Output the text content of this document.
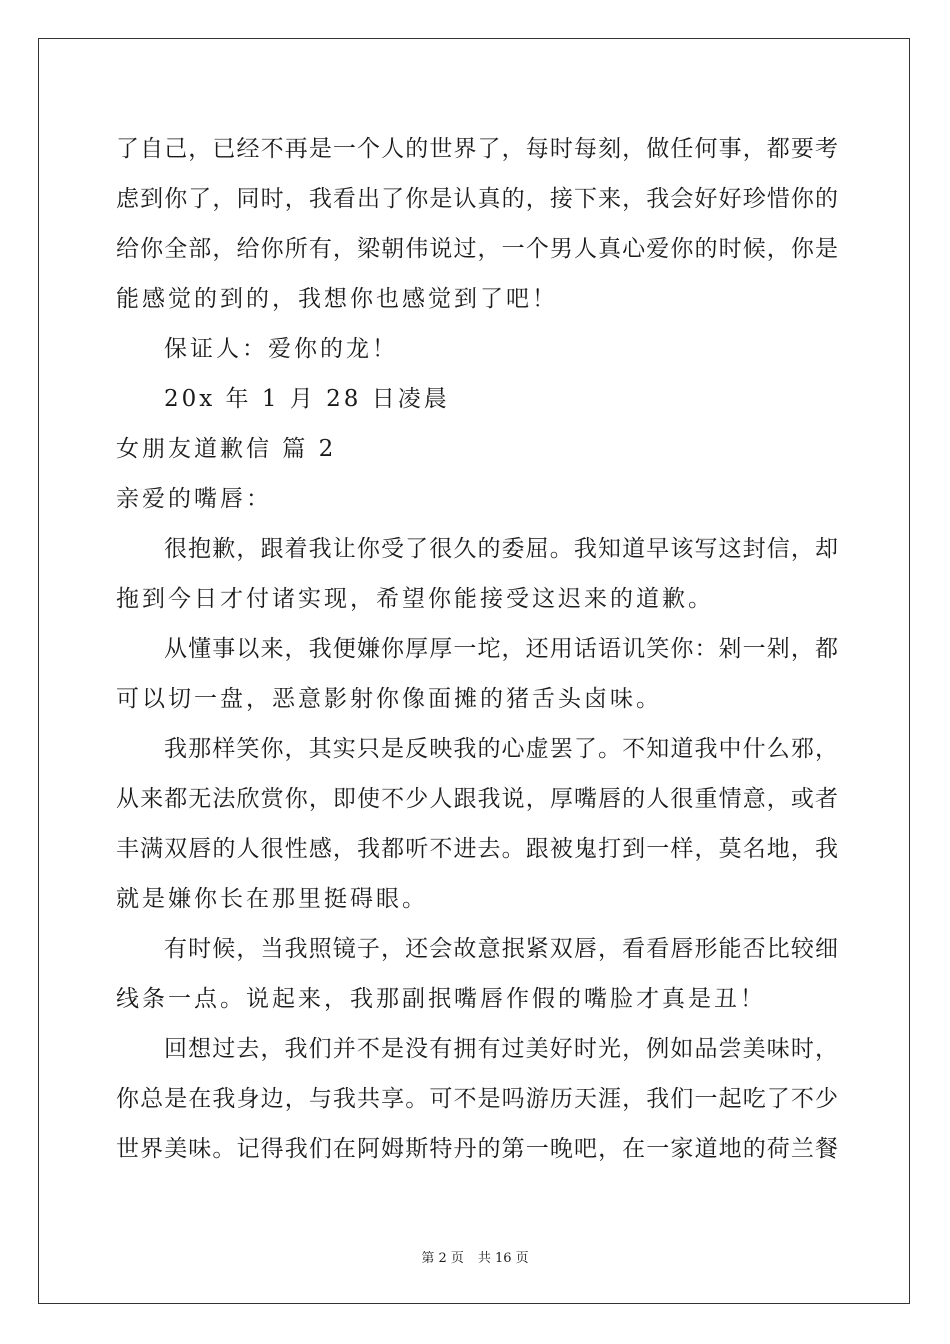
了自己，已经不再是一个人的世界了，每时每刻，做任何事，都要考
虑到你了，同时，我看出了你是认真的，接下来，我会好好珍惜你的
给你全部，给你所有，梁朝伟说过，一个男人真心爱你的时候，你是
能感觉的到的，我想你也感觉到了吧！
保证人：爱你的龙！
20x 年 1 月 28 日凌晨
女朋友道歉信 篇 2
亲爱的嘴唇：
很抱歉，跟着我让你受了很久的委屈。我知道早该写这封信，却
拖到今日才付诸实现，希望你能接受这迟来的道歉。
从懂事以来，我便嫌你厚厚一坨，还用话语讥笑你：剁一剁，都
可以切一盘，恶意影射你像面摊的猪舌头卤味。
我那样笑你，其实只是反映我的心虚罢了。不知道我中什么邪，
从来都无法欣赏你，即使不少人跟我说，厚嘴唇的人很重情意，或者
丰满双唇的人很性感，我都听不进去。跟被鬼打到一样，莫名地，我
就是嫌你长在那里挺碍眼。
有时候，当我照镜子，还会故意抿紧双唇，看看唇形能否比较细
线条一点。说起来，我那副抿嘴唇作假的嘴脸才真是丑！
回想过去，我们并不是没有拥有过美好时光，例如品尝美味时，
你总是在我身边，与我共享。可不是吗游历天涯，我们一起吃了不少
世界美味。记得我们在阿姆斯特丹的第一晚吧，在一家道地的荷兰餐
第 2 页 共 16 页
